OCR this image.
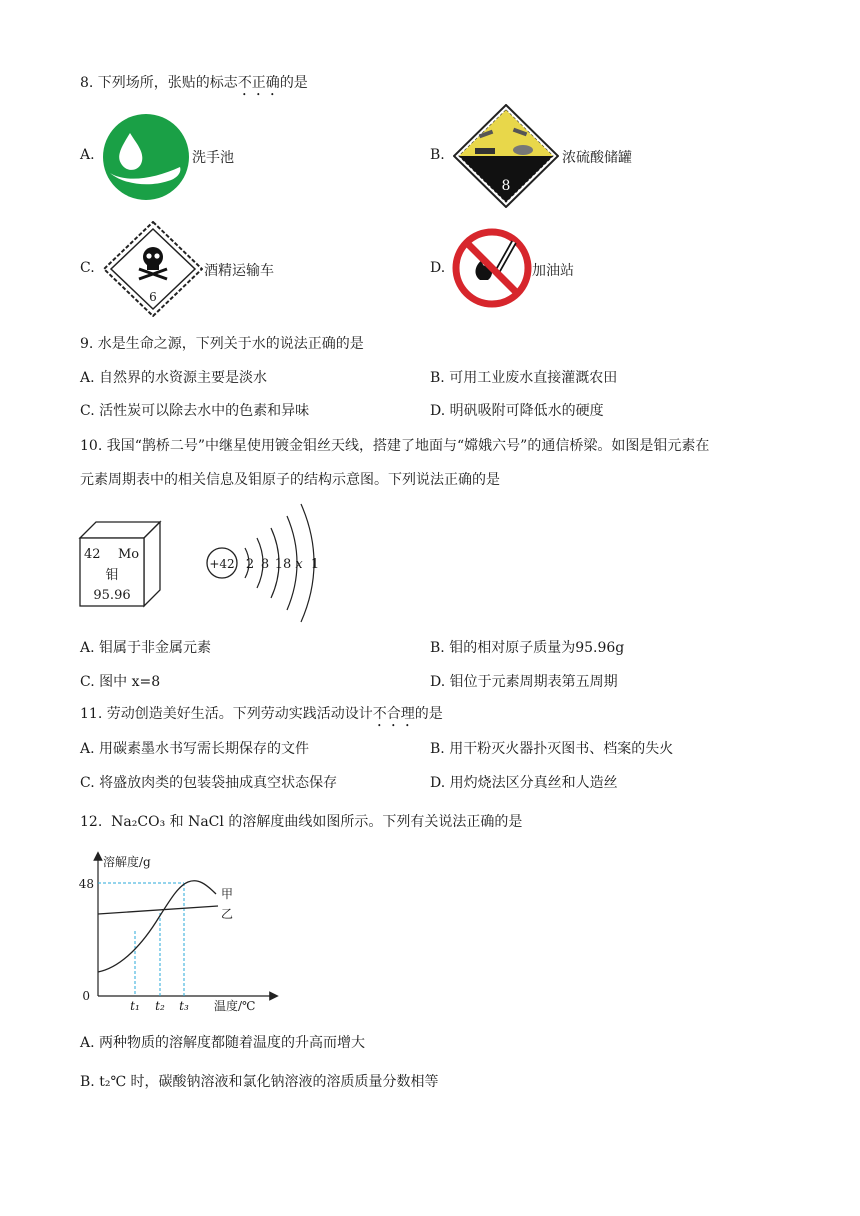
8. 下列场所，张贴的标志不正确的是
A.	洗手池	B.
8
浓硫酸储罐
C.
6
酒精运输车	D.	加油站
9. 水是生命之源，下列关于水的说法正确的是
A. 自然界的水资源主要是淡水	B. 可用工业废水直接灌溉农田
C. 活性炭可以除去水中的色素和异味	D. 明矾吸附可降低水的硬度
10. 我国“鹊桥二号”中继星使用镀金钼丝天线，搭建了地面与“嫦娥六号”的通信桥梁。如图是钼元素在
元素周期表中的相关信息及钼原子的结构示意图。下列说法正确的是
42 Mo
钼
95.96
+42 2 8 18 x 1
A. 钼属于非金属元素	B. 钼的相对原子质量为95.96g
C. 图中 x=8	D. 钼位于元素周期表第五周期
11. 劳动创造美好生活。下列劳动实践活动设计不合理的是
A. 用碳素墨水书写需长期保存的文件	B. 用干粉灭火器扑灭图书、档案的失火
C. 将盛放肉类的包装袋抽成真空状态保存	D. 用灼烧法区分真丝和人造丝
12. Na₂CO₃ 和 NaCl 的溶解度曲线如图所示。下列有关说法正确的是
溶解度/g
温度/℃
0
48
甲
乙
t₁ t₂ t₃
A. 两种物质的溶解度都随着温度的升高而增大
B. t₂℃ 时，碳酸钠溶液和氯化钠溶液的溶质质量分数相等
